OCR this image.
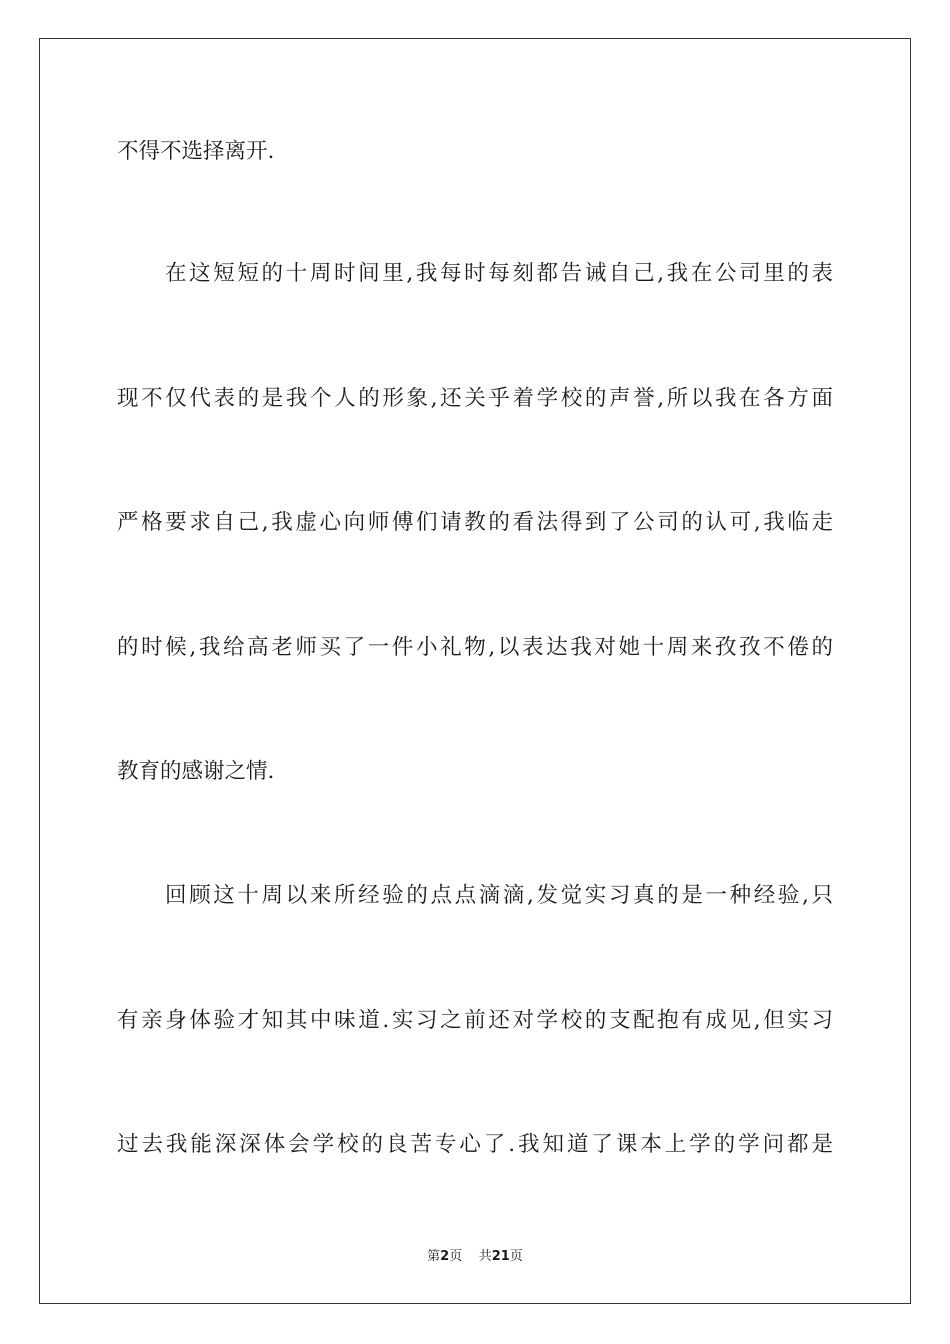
不得不选择离开.
在这短短的十周时间里,我每时每刻都告诫自己,我在公司里的表
现不仅代表的是我个人的形象,还关乎着学校的声誉,所以我在各方面
严格要求自己,我虚心向师傅们请教的看法得到了公司的认可,我临走
的时候,我给高老师买了一件小礼物,以表达我对她十周来孜孜不倦的
教育的感谢之情.
回顾这十周以来所经验的点点滴滴,发觉实习真的是一种经验,只
有亲身体验才知其中味道.实习之前还对学校的支配抱有成见,但实习
过去我能深深体会学校的良苦专心了.我知道了课本上学的学问都是
第2页 共21页
